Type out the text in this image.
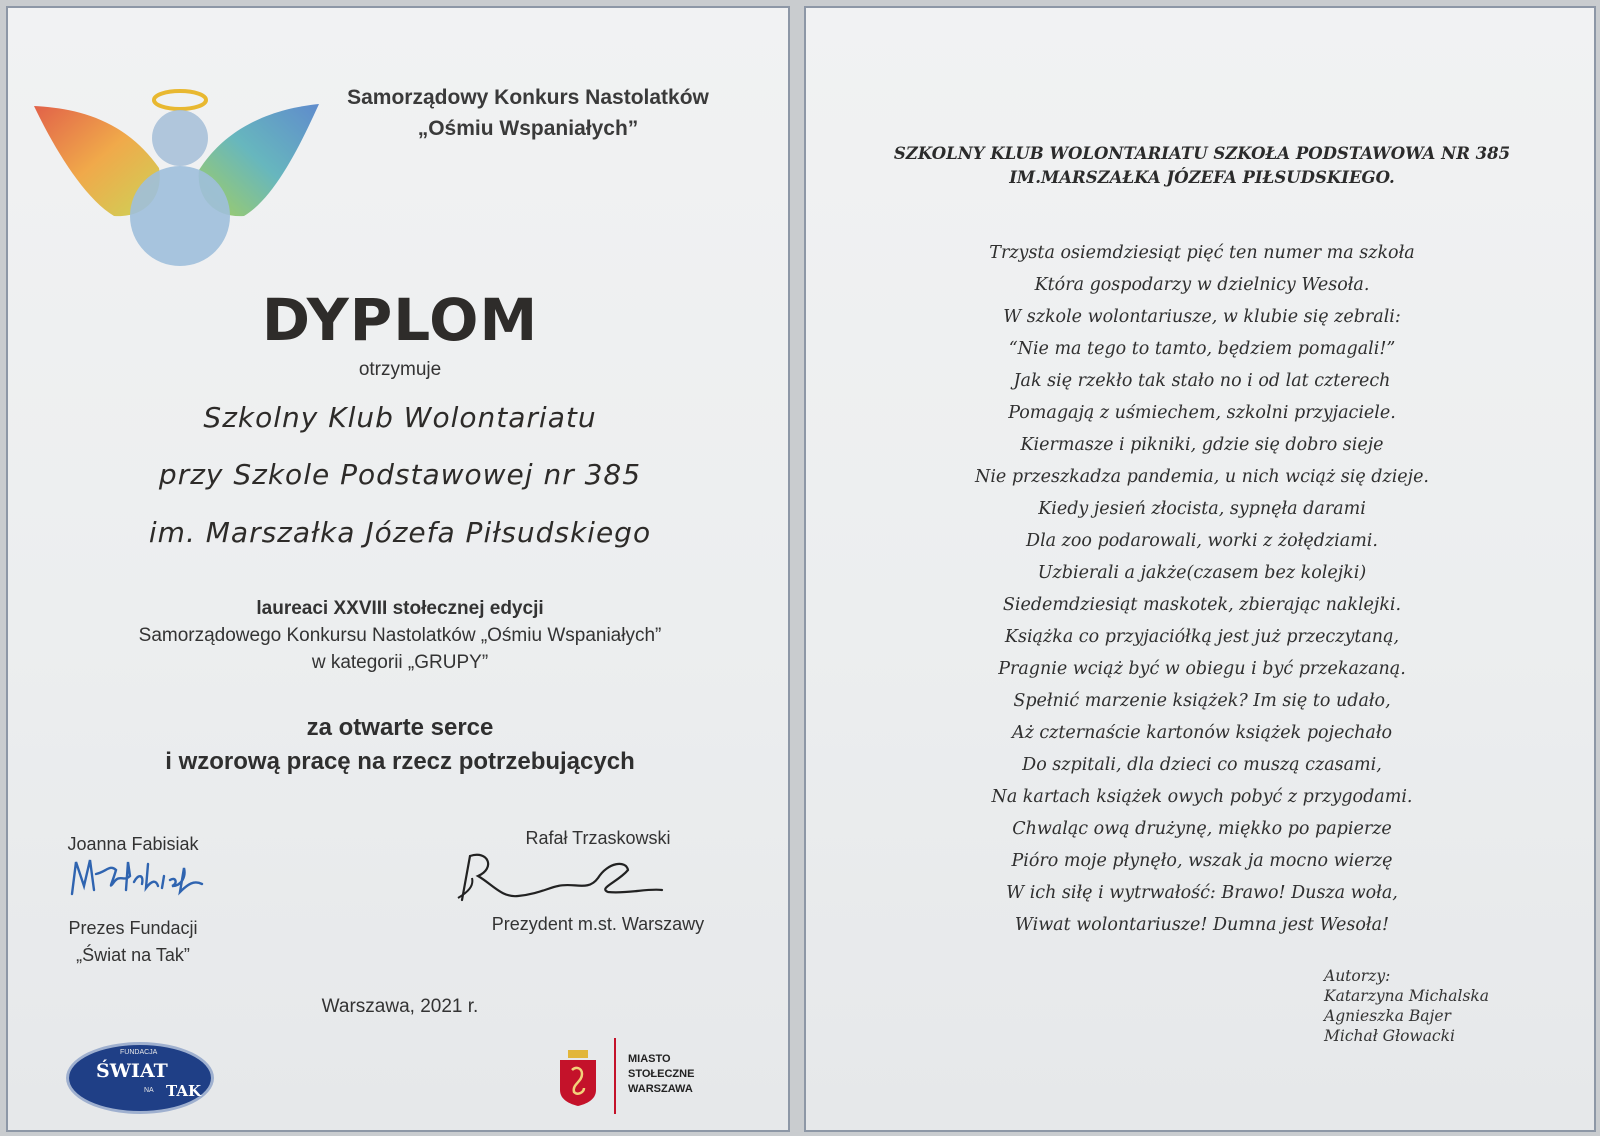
Samorządowy Konkurs Nastolatków
„Ośmiu Wspaniałych”
DYPLOM
otrzymuje
Szkolny Klub Wolontariatu
przy Szkole Podstawowej nr 385
im. Marszałka Józefa Piłsudskiego
laureaci XXVIII stołecznej edycji
Samorządowego Konkursu Nastolatków „Ośmiu Wspaniałych”
w kategorii „GRUPY”
za otwarte serce
i wzorową pracę na rzecz potrzebujących
Joanna Fabisiak
Prezes Fundacji
„Świat na Tak”
Rafał Trzaskowski
Prezydent m.st. Warszawy
Warszawa, 2021 r.
FUNDACJA
ŚWIAT
NA TAK
MIASTO
STOŁECZNE
WARSZAWA
SZKOLNY KLUB WOLONTARIATU SZKOŁA PODSTAWOWA NR 385
IM.MARSZAŁKA JÓZEFA PIŁSUDSKIEGO.
Trzysta osiemdziesiąt pięć ten numer ma szkoła
Która gospodarzy w dzielnicy Wesoła.
W szkole wolontariusze, w klubie się zebrali:
“Nie ma tego to tamto, będziem pomagali!”
Jak się rzekło tak stało no i od lat czterech
Pomagają z uśmiechem, szkolni przyjaciele.
Kiermasze i pikniki, gdzie się dobro sieje
Nie przeszkadza pandemia, u nich wciąż się dzieje.
Kiedy jesień złocista, sypnęła darami
Dla zoo podarowali, worki z żołędziami.
Uzbierali a jakże(czasem bez kolejki)
Siedemdziesiąt maskotek, zbierając naklejki.
Książka co przyjaciółką jest już przeczytaną,
Pragnie wciąż być w obiegu i być przekazaną.
Spełnić marzenie książek? Im się to udało,
Aż czternaście kartonów książek pojechało
Do szpitali, dla dzieci co muszą czasami,
Na kartach książek owych pobyć z przygodami.
Chwaląc ową drużynę, miękko po papierze
Pióro moje płynęło, wszak ja mocno wierzę
W ich siłę i wytrwałość: Brawo! Dusza woła,
Wiwat wolontariusze! Dumna jest Wesoła!
Autorzy:
Katarzyna Michalska
Agnieszka Bajer
Michał Głowacki
